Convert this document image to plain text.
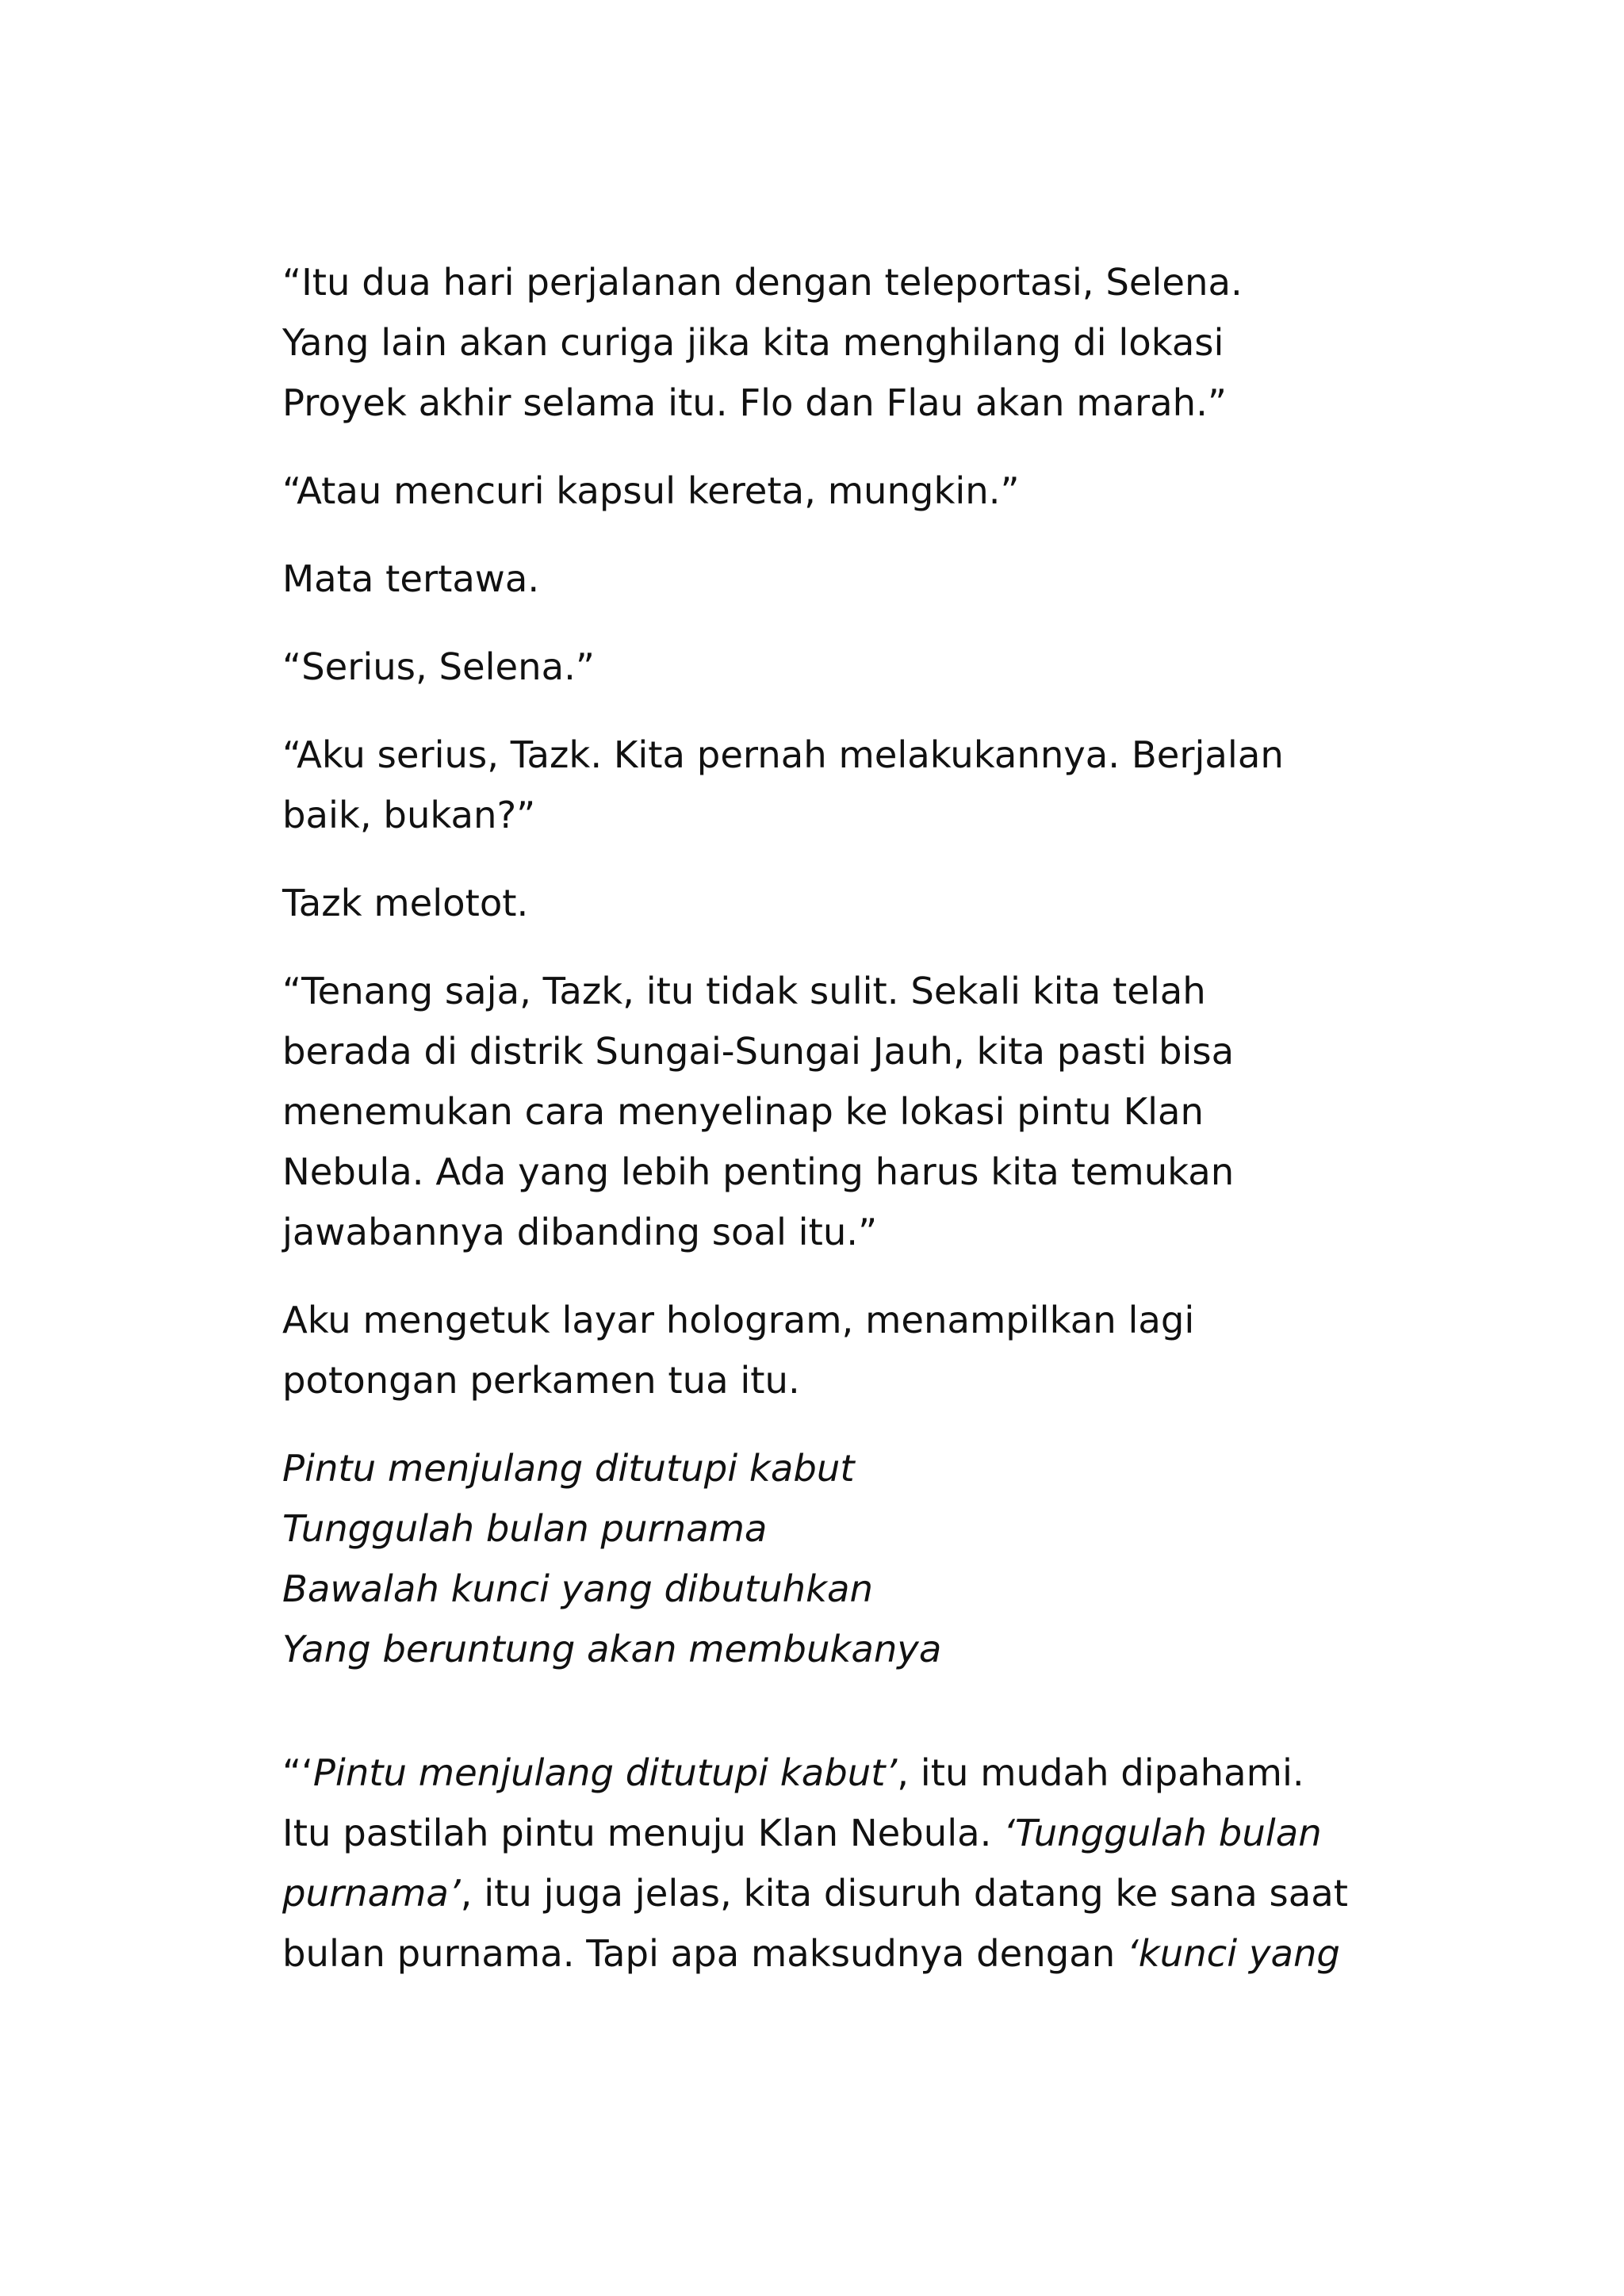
“Itu dua hari perjalanan dengan teleportasi, Selena.
Yang lain akan curiga jika kita menghilang di lokasi
Proyek akhir selama itu. Flo dan Flau akan marah.”

“Atau mencuri kapsul kereta, mungkin.”

Mata tertawa.

“Serius, Selena.”

“Aku serius, Tazk. Kita pernah melakukannya. Berjalan
baik, bukan?”

Tazk melotot.

“Tenang saja, Tazk, itu tidak sulit. Sekali kita telah
berada di distrik Sungai-Sungai Jauh, kita pasti bisa
menemukan cara menyelinap ke lokasi pintu Klan
Nebula. Ada yang lebih penting harus kita temukan
jawabannya dibanding soal itu.”

Aku mengetuk layar hologram, menampilkan lagi
potongan perkamen tua itu.

Pintu menjulang ditutupi kabut
Tunggulah bulan purnama
Bawalah kunci yang dibutuhkan
Yang beruntung akan membukanya

“‘Pintu menjulang ditutupi kabut’, itu mudah dipahami.
Itu pastilah pintu menuju Klan Nebula. ‘Tunggulah bulan
purnama’, itu juga jelas, kita disuruh datang ke sana saat
bulan purnama. Tapi apa maksudnya dengan ‘kunci yang
